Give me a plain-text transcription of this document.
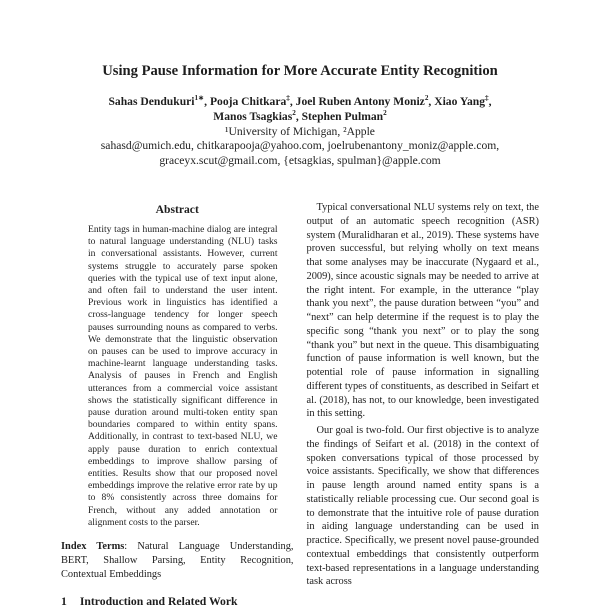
Using Pause Information for More Accurate Entity Recognition
Sahas Dendukuri$^{1∗}$, Pooja Chitkara‡, Joel Ruben Antony Moniz$^2$, Xiao Yang‡,
Manos Tsagkias$^2$, Stephen Pulman$^2$
¹University of Michigan, ²Apple
sahasd@umich.edu, chitkarapooja@yahoo.com, joelrubenantony_moniz@apple.com,
graceyx.scut@gmail.com, {etsagkias, spulman}@apple.com
Abstract

Entity tags in human-machine dialog are integral to natural language understanding (NLU) tasks in conversational assistants. However, current systems struggle to accurately parse spoken queries with the typical use of text input alone, and often fail to understand the user intent. Previous work in linguistics has identified a cross-language tendency for longer speech pauses surrounding nouns as compared to verbs. We demonstrate that the linguistic observation on pauses can be used to improve accuracy in machine-learnt language understanding tasks. Analysis of pauses in French and English utterances from a commercial voice assistant shows the statistically significant difference in pause duration around multi-token entity span boundaries compared to within entity spans. Additionally, in contrast to text-based NLU, we apply pause duration to enrich contextual embeddings to improve shallow parsing of entities. Results show that our proposed novel embeddings improve the relative error rate by up to 8% consistently across three domains for French, without any added annotation or alignment costs to the parser.

Index Terms: Natural Language Understanding, BERT, Shallow Parsing, Entity Recognition, Contextual Embeddings

1 Introduction and Related Work

Typical conversational NLU systems rely on text, the output of an automatic speech recognition (ASR) system (Muralidharan et al., 2019). These systems have proven successful, but relying wholly on text means that some analyses may be inaccurate (Nygaard et al., 2009), since acoustic signals may be needed to arrive at the right intent. For example, in the utterance “play thank you next”, the pause duration between “you” and “next” can help determine if the request is to play the specific song “thank you next” or to play the song “thank you” but next in the queue. This disambiguating function of pause information is well known, but the potential role of pause information in signalling different types of constituents, as described in Seifart et al. (2018), has not, to our knowledge, been investigated in this setting.

Our goal is two-fold. Our first objective is to analyze the findings of Seifart et al. (2018) in the context of spoken conversations typical of those processed by voice assistants. Specifically, we show that differences in pause length around named entity spans is a statistically reliable processing cue. Our second goal is to demonstrate that the intuitive role of pause duration in aiding language understanding can be used in practice. Specifically, we present novel pause-grounded contextual embeddings that consistently outperform text-based representations in a language understanding task across
